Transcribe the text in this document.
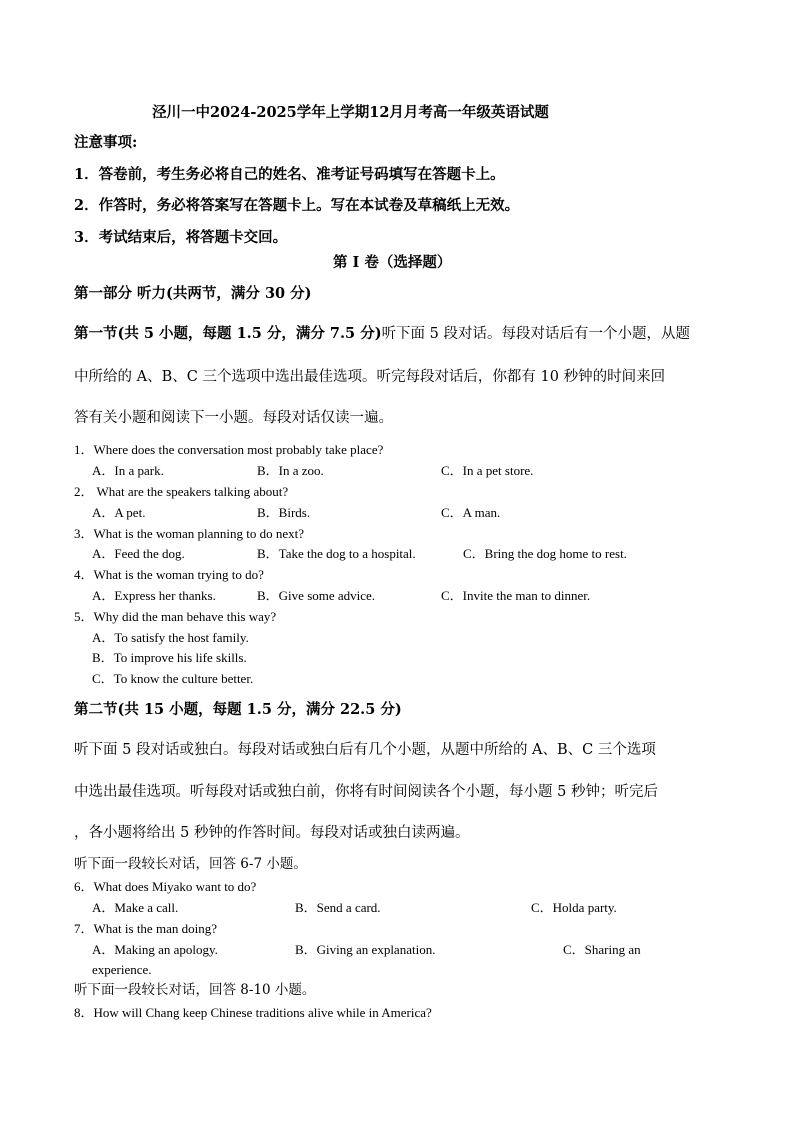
泾川一中2024-2025学年上学期12月月考高一年级英语试题
注意事项:
1．答卷前，考生务必将自己的姓名、准考证号码填写在答题卡上。
2．作答时，务必将答案写在答题卡上。写在本试卷及草稿纸上无效。
3．考试结束后，将答题卡交回。
第 I 卷（选择题）
第一部分 听力(共两节，满分 30 分)
第一节(共 5 小题，每题 1.5 分，满分 7.5 分)听下面 5 段对话。每段对话后有一个小题，从题
中所给的 A、B、C 三个选项中选出最佳选项。听完每段对话后，你都有 10 秒钟的时间来回
答有关小题和阅读下一小题。每段对话仅读一遍。
1．Where does the conversation most probably take place?
A．In a park.	B．In a zoo.	C．In a pet store.
2． What are the speakers talking about?
A．A pet.	B．Birds.	C．A man.
3．What is the woman planning to do next?
A．Feed the dog.	B．Take the dog to a hospital.	C．Bring the dog home to rest.
4．What is the woman trying to do?
A．Express her thanks.	B．Give some advice.	C．Invite the man to dinner.
5．Why did the man behave this way?
A．To satisfy the host family.
B．To improve his life skills.
C．To know the culture better.
第二节(共 15 小题，每题 1.5 分，满分 22.5 分)
听下面 5 段对话或独白。每段对话或独白后有几个小题，从题中所给的 A、B、C 三个选项
中选出最佳选项。听每段对话或独白前，你将有时间阅读各个小题，每小题 5 秒钟；听完后
，各小题将给出 5 秒钟的作答时间。每段对话或独白读两遍。
听下面一段较长对话，回答 6-7 小题。
6．What does Miyako want to do?
A．Make a call.	B．Send a card.	C．Holda party.
7．What is the man doing?
A．Making an apology.	B．Giving an explanation.	C．Sharing an
experience.
听下面一段较长对话，回答 8-10 小题。
8．How will Chang keep Chinese traditions alive while in America?
